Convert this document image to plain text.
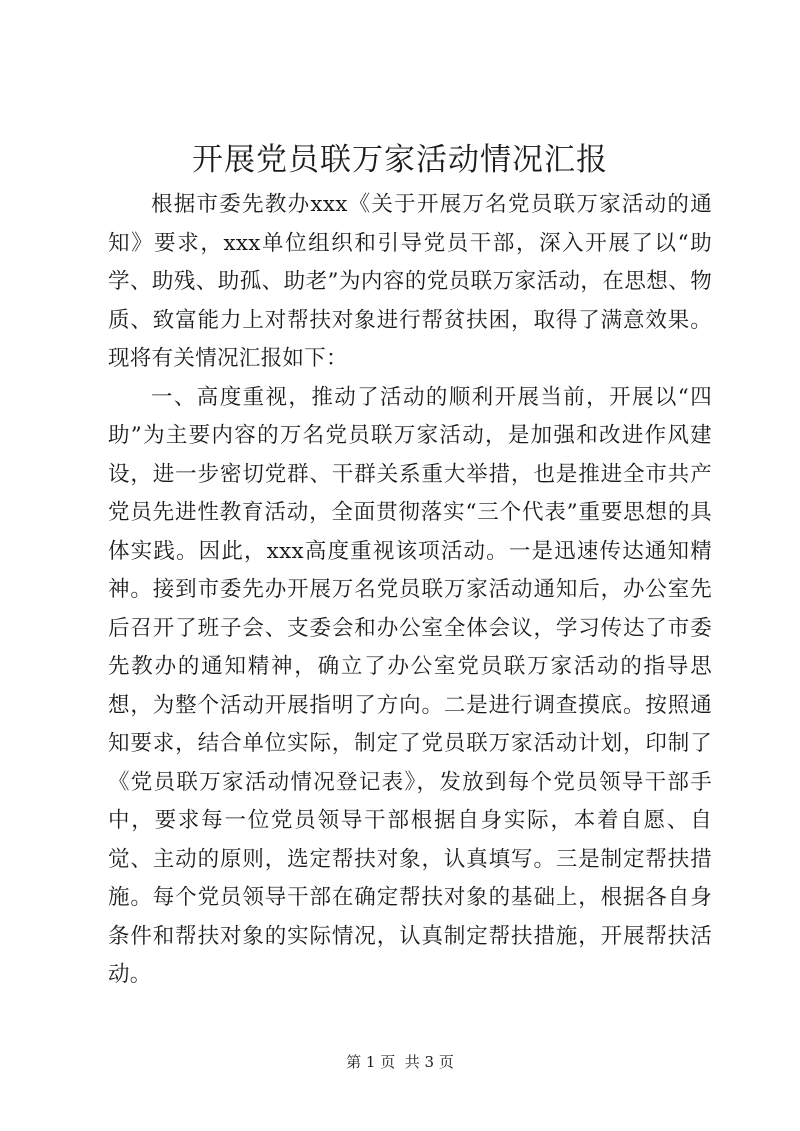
开展党员联万家活动情况汇报

根据市委先教办xxx《关于开展万名党员联万家活动的通知》要求，xxx单位组织和引导党员干部，深入开展了以“助学、助残、助孤、助老”为内容的党员联万家活动，在思想、物质、致富能力上对帮扶对象进行帮贫扶困，取得了满意效果。现将有关情况汇报如下：

一、高度重视，推动了活动的顺利开展当前，开展以“四助”为主要内容的万名党员联万家活动，是加强和改进作风建设，进一步密切党群、干群关系重大举措，也是推进全市共产党员先进性教育活动，全面贯彻落实“三个代表”重要思想的具体实践。因此，xxx高度重视该项活动。一是迅速传达通知精神。接到市委先办开展万名党员联万家活动通知后，办公室先后召开了班子会、支委会和办公室全体会议，学习传达了市委先教办的通知精神，确立了办公室党员联万家活动的指导思想，为整个活动开展指明了方向。二是进行调查摸底。按照通知要求，结合单位实际，制定了党员联万家活动计划，印制了《党员联万家活动情况登记表》，发放到每个党员领导干部手中，要求每一位党员领导干部根据自身实际，本着自愿、自觉、主动的原则，选定帮扶对象，认真填写。三是制定帮扶措施。每个党员领导干部在确定帮扶对象的基础上，根据各自身条件和帮扶对象的实际情况，认真制定帮扶措施，开展帮扶活动。

第 1 页  共 3 页
